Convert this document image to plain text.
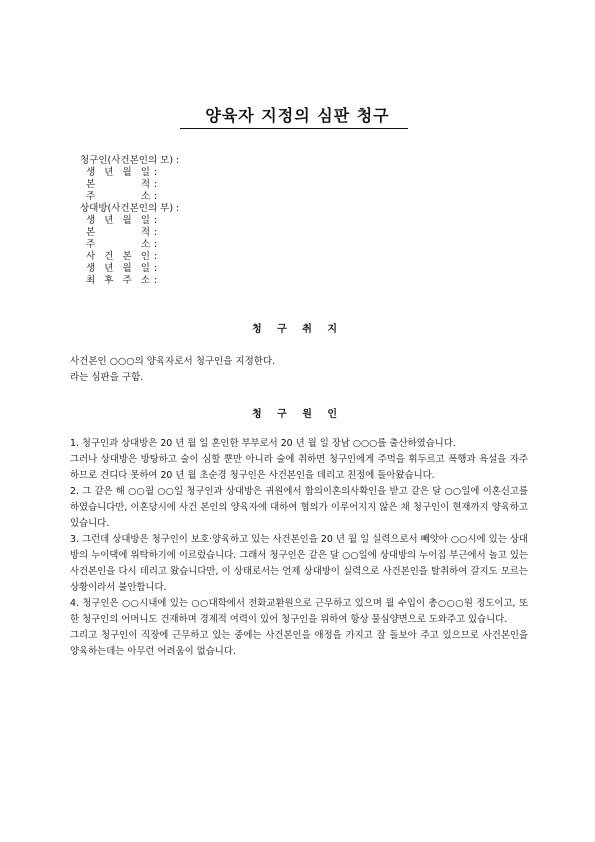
양육자 지정의 심판 청구
청구인(사건본인의 모) :
생 년 월 일 :
본 적 :
주 소 :
상대방(사건본인의 부) :
생 년 월 일 :
본 적 :
주 소 :
사 건 본 인 :
생 년 월 일 :
최 후 주 소 :
청 구 취 지
사건본인 ○○○의 양육자로서 청구인을 지정한다.
라는 심판을 구함.
청 구 원 인

1. 청구인과 상대방은 20 년 월 일 혼인한 부부로서 20 년 월 일 장남 ○○○를 출산하였습니다.

그러나 상대방은 방탕하고 술이 심할 뿐만 아니라 술에 취하면 청구인에게 주먹을 휘두르고 폭행과 욕설을 자주하므로 견디다 못하여 20 년 월 초순경 청구인은 사건본인을 데리고 친정에 돌아왔습니다.

2. 그 같은 해 ○○월 ○○일 청구인과 상대방은 귀원에서 합의이혼의사확인을 받고 같은 달 ○○일에 이혼신고를 하였습니다만, 이혼당시에 사건 본인의 양육자에 대하여 협의가 이루어지지 않은 채 청구인이 현재까지 양육하고 있습니다.

3. 그런데 상대방은 청구인이 보호·양육하고 있는 사건본인을 20 년 월 일 실력으로서 빼앗아 ○○시에 있는 상대방의 누이댁에 위탁하기에 이르렀습니다. 그래서 청구인은 같은 달 ○○일에 상대방의 누이집 부근에서 놀고 있는 사건본인을 다시 데리고 왔습니다만, 이 상태로서는 언제 상대방이 실력으로 사건본인을 탈취하여 갈지도 모르는 상황이라서 불안합니다.

4. 청구인은 ○○시내에 있는 ○○대학에서 전화교환원으로 근무하고 있으며 월 수입이 총○○○원 정도이고, 또한 청구인의 어머니도 건재하며 경제적 여력이 있어 청구인을 위하여 항상 물심양면으로 도와주고 있습니다.

그리고 청구인이 직장에 근무하고 있는 중에는 사건본인을 애정을 가지고 잘 돌보아 주고 있으므로 사건본인을 양육하는데는 아무런 어려움이 없습니다.
